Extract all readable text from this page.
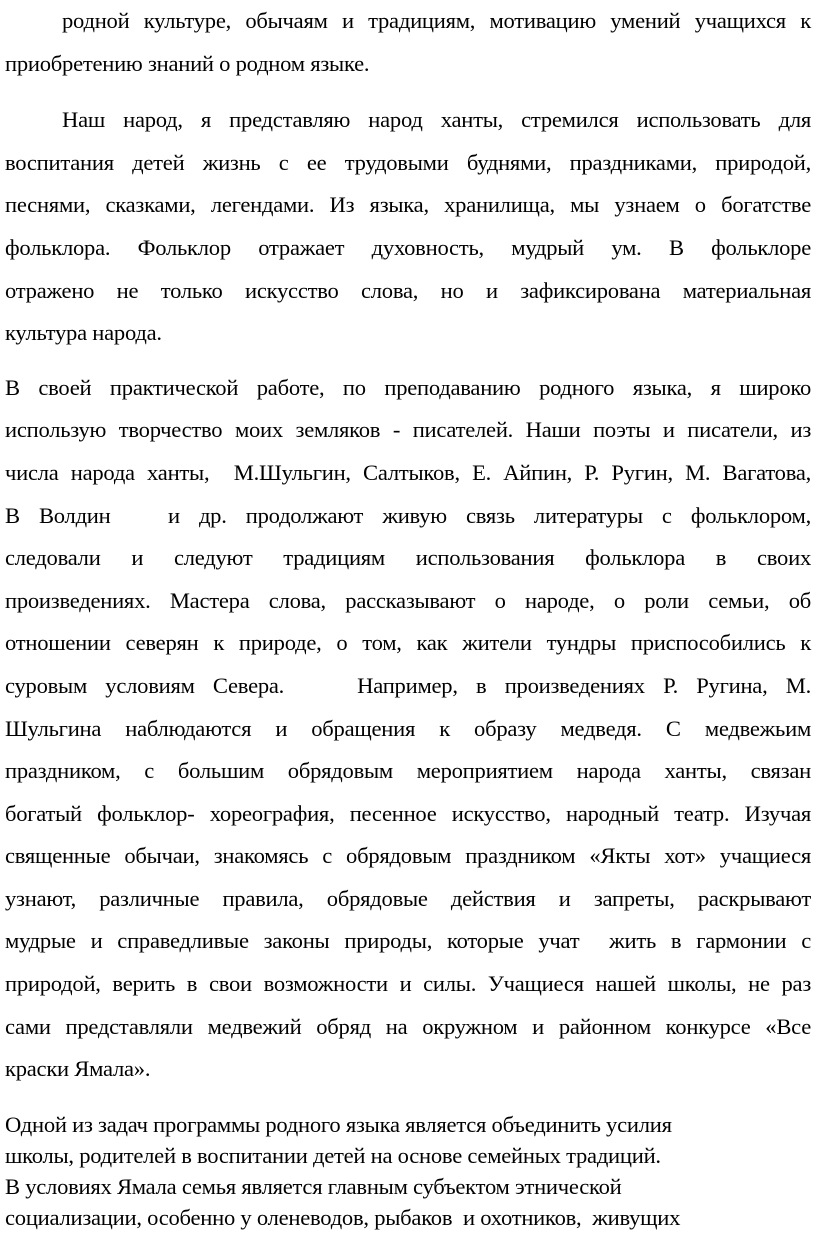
родной культуре, обычаям и традициям, мотивацию умений учащихся к
приобретению знаний о родном языке.
Наш народ, я представляю народ ханты, стремился использовать для
воспитания детей жизнь с ее трудовыми буднями, праздниками, природой,
песнями, сказками, легендами. Из языка, хранилища, мы узнаем о богатстве
фольклора. Фольклор отражает духовность, мудрый ум. В фольклоре
отражено не только искусство слова, но и зафиксирована материальная
культура народа.
В своей практической работе, по преподаванию родного языка, я широко
использую творчество моих земляков - писателей. Наши поэты и писатели, из
числа народа ханты,  М.Шульгин, Салтыков, Е. Айпин, Р. Ругин, М. Вагатова,
В Волдин   и др. продолжают живую связь литературы с фольклором,
следовали и следуют традициям использования фольклора в своих
произведениях. Мастера слова, рассказывают о народе, о роли семьи, об
отношении северян к природе, о том, как жители тундры приспособились к
суровым условиям Севера.    Например, в произведениях Р. Ругина, М.
Шульгина наблюдаются и обращения к образу медведя. С медвежьим
праздником, с большим обрядовым мероприятием народа ханты, связан
богатый фольклор- хореография, песенное искусство, народный театр. Изучая
священные обычаи, знакомясь с обрядовым праздником «Якты хот» учащиеся
узнают, различные правила, обрядовые действия и запреты, раскрывают
мудрые и справедливые законы природы, которые учат  жить в гармонии с
природой, верить в свои возможности и силы. Учащиеся нашей школы, не раз
сами представляли медвежий обряд на окружном и районном конкурсе «Все
краски Ямала».
Одной из задач программы родного языка является объединить усилия
школы, родителей в воспитании детей на основе семейных традиций.
В условиях Ямала семья является главным субъектом этнической
социализации, особенно у оленеводов, рыбаков  и охотников,  живущих
